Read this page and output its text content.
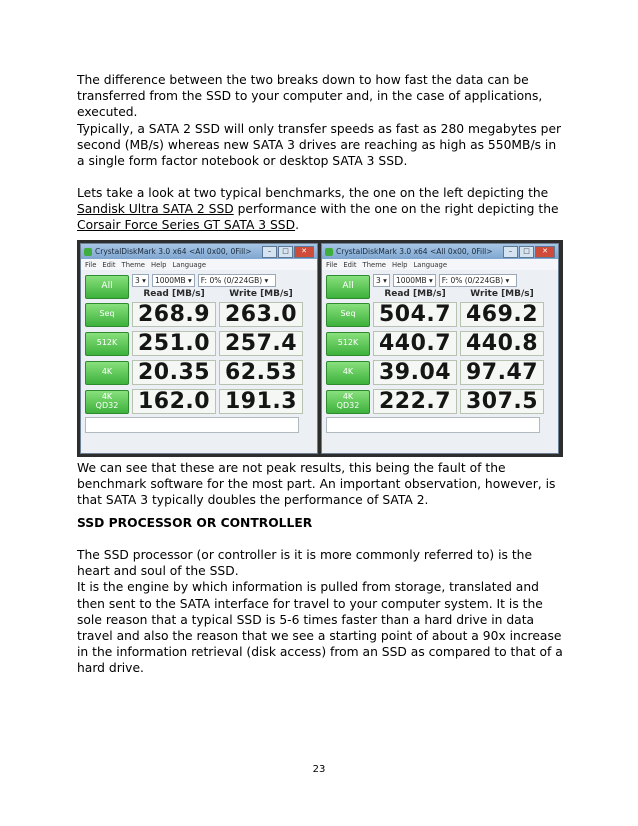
The difference between the two breaks down to how fast the data can be transferred from the SSD to your computer and, in the case of applications, executed.

Typically, a SATA 2 SSD will only transfer speeds as fast as 280 megabytes per second (MB/s) whereas new SATA 3 drives are reaching as high as 550MB/s in a single form factor notebook or desktop SATA 3 SSD.

Lets take a look at two typical benchmarks, the one on the left depicting the Sandisk Ultra SATA 2 SSD performance with the one on the right depicting the Corsair Force Series GT SATA 3 SSD.

CrystalDiskMark 3.0 x64 <All 0x00, 0Fill>	–	□	✕
File Edit Theme Help Language
All
3 ▾	1000MB ▾	F: 0% (0/224GB) ▾
Read [MB/s]	Write [MB/s]
Seq	268.9 263.0
512K 251.0 257.4
4K	20.35 62.53
4K
QD32 162.0 191.3
CrystalDiskMark 3.0 x64 <All 0x00, 0Fill>	–	□	✕
File Edit Theme Help Language
All
3 ▾	1000MB ▾	F: 0% (0/224GB) ▾
Read [MB/s]	Write [MB/s]
Seq	504.7 469.2
512K 440.7 440.8
4K	39.04 97.47
4K
QD32 222.7 307.5

We can see that these are not peak results, this being the fault of the benchmark software for the most part. An important observation, however, is that SATA 3 typically doubles the performance of SATA 2.

SSD PROCESSOR OR CONTROLLER

The SSD processor (or controller is it is more commonly referred to) is the heart and soul of the SSD.

It is the engine by which information is pulled from storage, translated and then sent to the SATA interface for travel to your computer system. It is the sole reason that a typical SSD is 5-6 times faster than a hard drive in data travel and also the reason that we see a starting point of about a 90x increase in the information retrieval (disk access) from an SSD as compared to that of a hard drive.

23
